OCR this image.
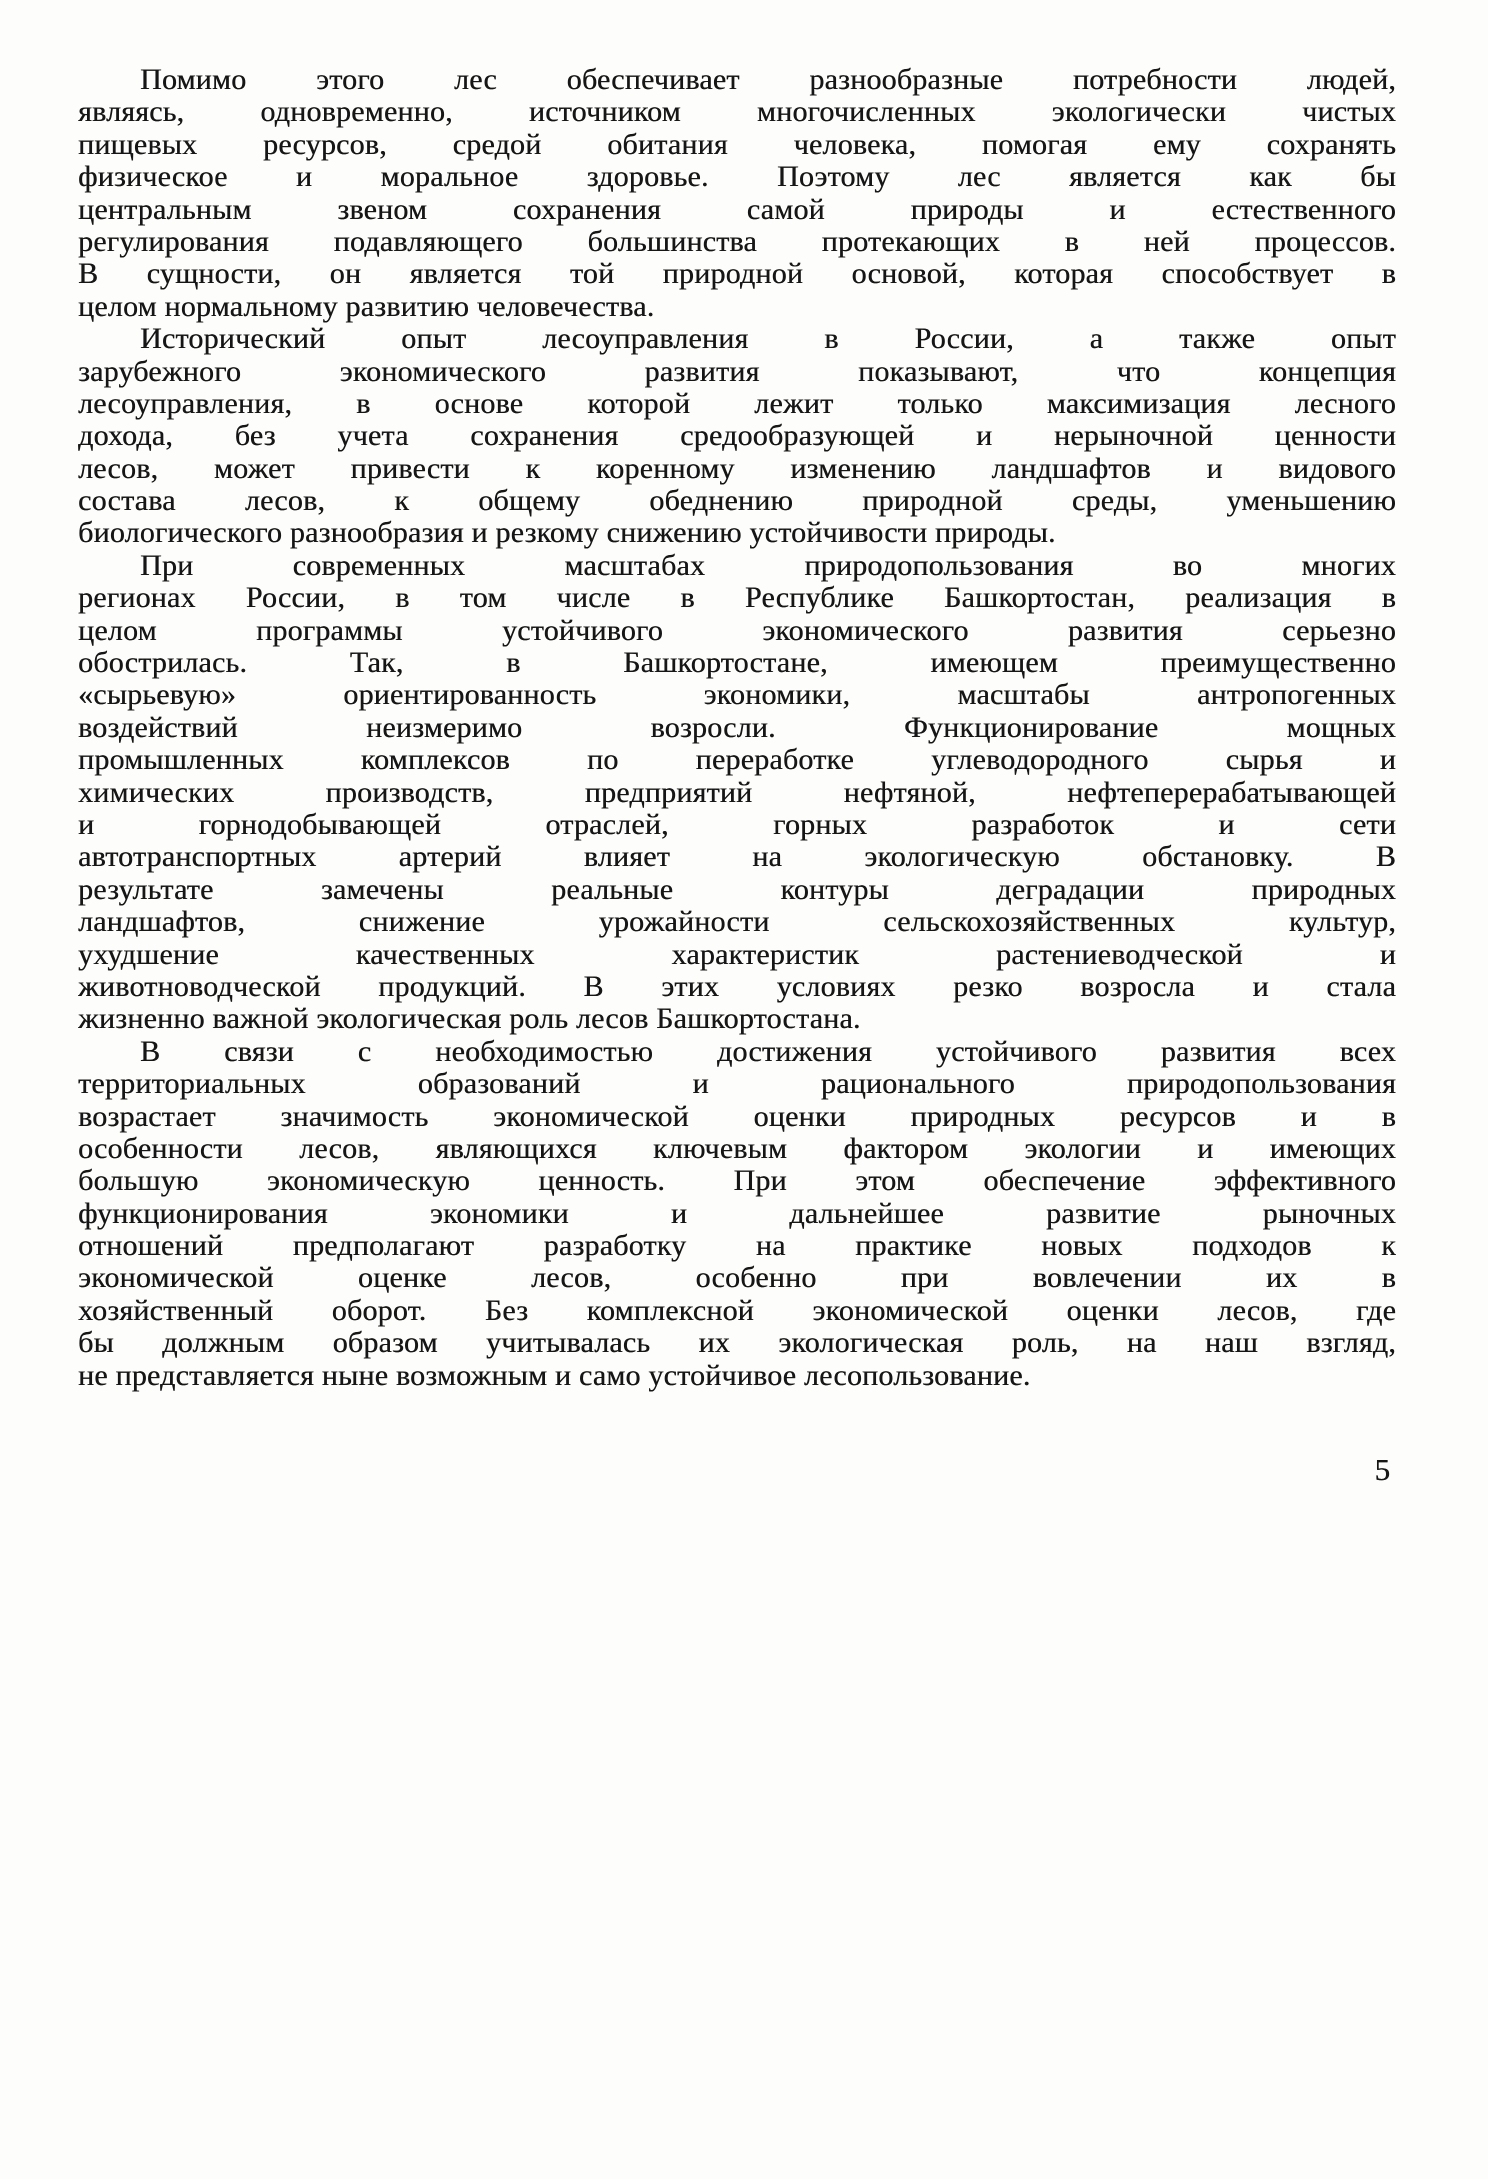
Помимо этого лес обеспечивает разнообразные потребности людей,
являясь, одновременно, источником многочисленных экологически чистых
пищевых ресурсов, средой обитания человека, помогая ему сохранять
физическое и моральное здоровье. Поэтому лес является как бы
центральным звеном сохранения самой природы и естественного
регулирования подавляющего большинства протекающих в ней процессов.
В сущности, он является той природной основой, которая способствует в
целом нормальному развитию человечества.
Исторический опыт лесоуправления в России, а также опыт
зарубежного экономического развития показывают, что концепция
лесоуправления, в основе которой лежит только максимизация лесного
дохода, без учета сохранения средообразующей и нерыночной ценности
лесов, может привести к коренному изменению ландшафтов и видового
состава лесов, к общему обеднению природной среды, уменьшению
биологического разнообразия и резкому снижению устойчивости природы.
При современных масштабах природопользования во многих
регионах России, в том числе в Республике Башкортостан, реализация в
целом программы устойчивого экономического развития серьезно
обострилась. Так, в Башкортостане, имеющем преимущественно
«сырьевую» ориентированность экономики, масштабы антропогенных
воздействий неизмеримо возросли. Функционирование мощных
промышленных комплексов по переработке углеводородного сырья и
химических производств, предприятий нефтяной, нефтеперерабатывающей
и горнодобывающей отраслей, горных разработок и сети
автотранспортных артерий влияет на экологическую обстановку. В
результате замечены реальные контуры деградации природных
ландшафтов, снижение урожайности сельскохозяйственных культур,
ухудшение качественных характеристик растениеводческой и
животноводческой продукций. В этих условиях резко возросла и стала
жизненно важной экологическая роль лесов Башкортостана.
В связи с необходимостью достижения устойчивого развития всех
территориальных образований и рационального природопользования
возрастает значимость экономической оценки природных ресурсов и в
особенности лесов, являющихся ключевым фактором экологии и имеющих
большую экономическую ценность. При этом обеспечение эффективного
функционирования экономики и дальнейшее развитие рыночных
отношений предполагают разработку на практике новых подходов к
экономической оценке лесов, особенно при вовлечении их в
хозяйственный оборот. Без комплексной экономической оценки лесов, где
бы должным образом учитывалась их экологическая роль, на наш взгляд,
не представляется ныне возможным и само устойчивое лесопользование.
5
